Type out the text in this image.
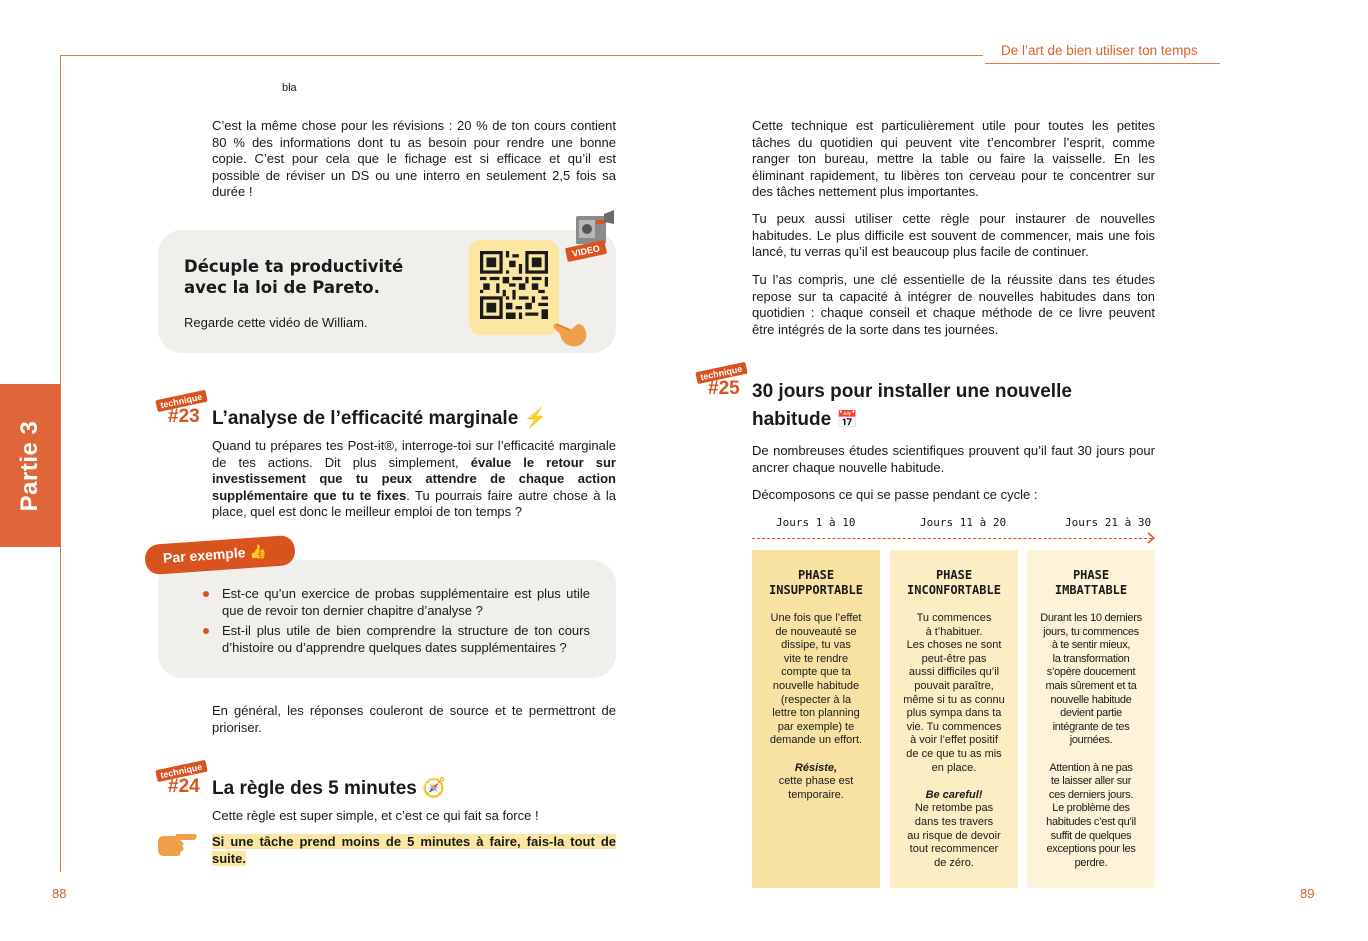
De l’art de bien utiliser ton temps
Partie 3
bla
C’est la même chose pour les révisions : 20 % de ton cours contient 80 % des informations dont tu as besoin pour rendre une bonne copie. C’est pour cela que le fichage est si efficace et qu’il est possible de réviser un DS ou une interro en seulement 2,5 fois sa durée !
Décuple ta productivité
avec la loi de Pareto.
Regarde cette vidéo de William.
VIDEO
technique
#23 L’analyse de l’efficacité marginale ⚡
Quand tu prépares tes Post-it®, interroge-toi sur l’efficacité marginale de tes actions. Dit plus simplement, évalue le retour sur investissement que tu peux attendre de chaque action supplémentaire que tu te fixes. Tu pourrais faire autre chose à la place, quel est donc le meilleur emploi de ton temps ?
Par exemple 👍
Est-ce qu’un exercice de probas supplémentaire est plus utile que de revoir ton dernier chapitre d’analyse ?
Est-il plus utile de bien comprendre la structure de ton cours d’histoire ou d’apprendre quelques dates supplémentaires ?
En général, les réponses couleront de source et te permettront de prioriser.
technique
#24 La règle des 5 minutes 🧭
Cette règle est super simple, et c’est ce qui fait sa force !
Si une tâche prend moins de 5 minutes à faire, fais-la tout de suite.
88
Cette technique est particulièrement utile pour toutes les petites tâches du quotidien qui peuvent vite t’encombrer l’esprit, comme ranger ton bureau, mettre la table ou faire la vaisselle. En les éliminant rapidement, tu libères ton cerveau pour te concentrer sur des tâches nettement plus importantes.
Tu peux aussi utiliser cette règle pour instaurer de nouvelles habitudes. Le plus difficile est souvent de commencer, mais une fois lancé, tu verras qu’il est beaucoup plus facile de continuer.
Tu l’as compris, une clé essentielle de la réussite dans tes études repose sur ta capacité à intégrer de nouvelles habitudes dans ton quotidien : chaque conseil et chaque méthode de ce livre peuvent être intégrés de la sorte dans tes journées.
technique
#25 30 jours pour installer une nouvelle
habitude 📅
De nombreuses études scientifiques prouvent qu’il faut 30 jours pour ancrer chaque nouvelle habitude.
Décomposons ce qui se passe pendant ce cycle :
Jours 1 à 10	Jours 11 à 20	Jours 21 à 30
PHASE
INSUPPORTABLE

Une fois que l’effet

de nouveauté se

dissipe, tu vas

vite te rendre

compte que ta

nouvelle habitude

(respecter à la

lettre ton planning

par exemple) te

demande un effort.

Résiste,

cette phase est

temporaire.

PHASE
INCONFORTABLE

Tu commences

à t’habituer.

Les choses ne sont

peut-être pas

aussi difficiles qu’il

pouvait paraître,

même si tu as connu

plus sympa dans ta

vie. Tu commences

à voir l’effet positif

de ce que tu as mis

en place.

Be careful!

Ne retombe pas

dans tes travers

au risque de devoir

tout recommencer

de zéro.

PHASE
IMBATTABLE

Durant les 10 derniers

jours, tu commences

à te sentir mieux,

la transformation

s’opère doucement

mais sûrement et ta

nouvelle habitude

devient partie

intégrante de tes

journées.

Attention à ne pas

te laisser aller sur

ces derniers jours.

Le problème des

habitudes c’est qu’il

suffit de quelques

exceptions pour les

perdre.

89
